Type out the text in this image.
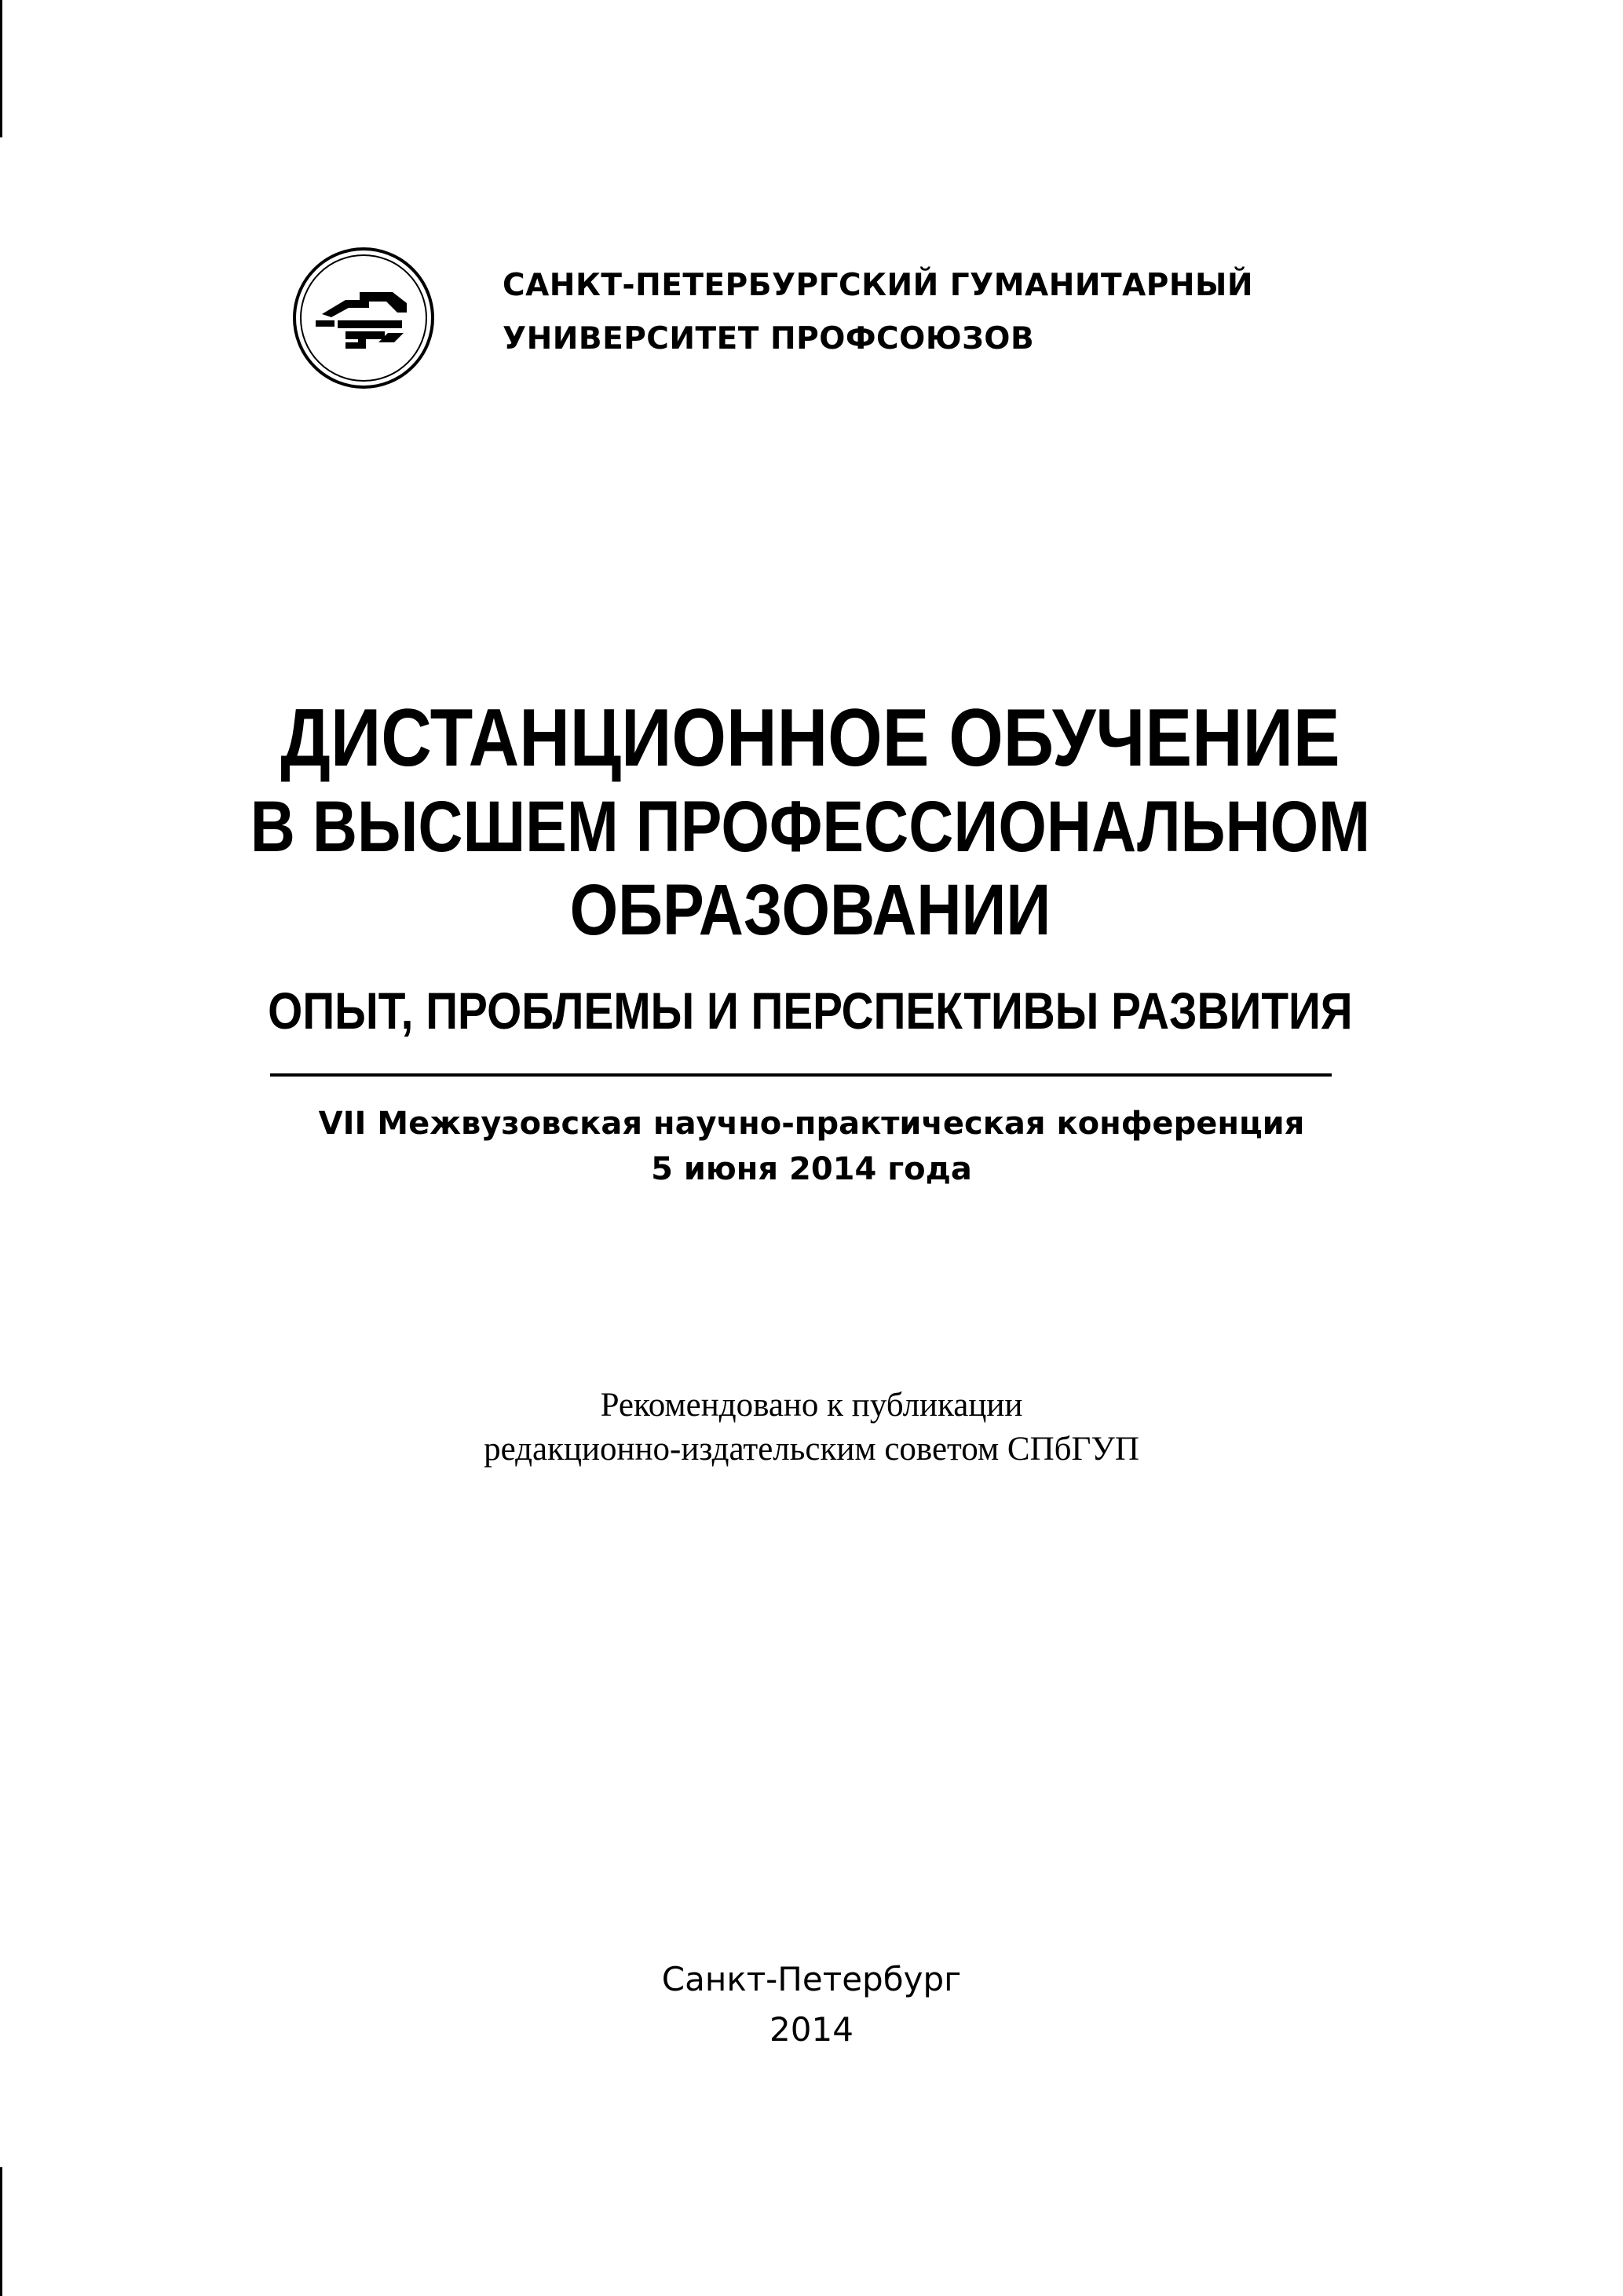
САНКТ-ПЕТЕРБУРГСКИЙ ГУМАНИТАРНЫЙ
УНИВЕРСИТЕТ ПРОФСОЮЗОВ
ДИСТАНЦИОННОЕ ОБУЧЕНИЕ
В ВЫСШЕМ ПРОФЕССИОНАЛЬНОМ
ОБРАЗОВАНИИ
ОПЫТ, ПРОБЛЕМЫ И ПЕРСПЕКТИВЫ РАЗВИТИЯ
VII Межвузовская научно-практическая конференция
5 июня 2014 года
Рекомендовано к публикации
редакционно-издательским советом СПбГУП
Санкт-Петербург
2014
